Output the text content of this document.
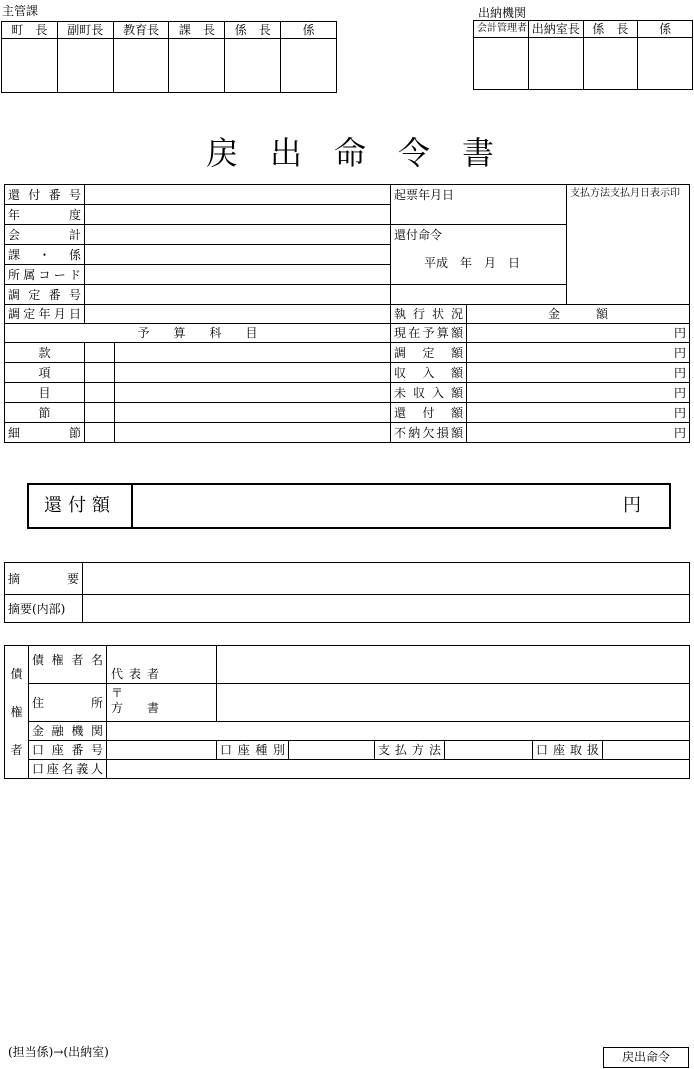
主管課
町　長	副町長	教育長	課　長	係　長	係

出納機関
会計管理者	出納室長	係　長	係

戻　出　命　令　書
還付番号		起票年月日	支払方法支払月日表示印
年　　度			
会　　計		還付命令
平成　年　月　日	

課・係			
所属コード			
調定番号			
調定年月日			執行状況	金　　　額
予　　算　　科　　目			現在予算額	円
款			調定額	円
項			収入額	円
目			未収入額	円
節			還付額	円
細　節			不納欠損額	円
還付額	円
摘　要	
摘要(内部)	
債
権
者	債権者名	代表者						
	住　所	〒
方　　書						

	金融機関							
	口座番号		口座種別		支払方法		口座取扱	
	口座名義人							
(担当係)→(出納室)	戻出命令
